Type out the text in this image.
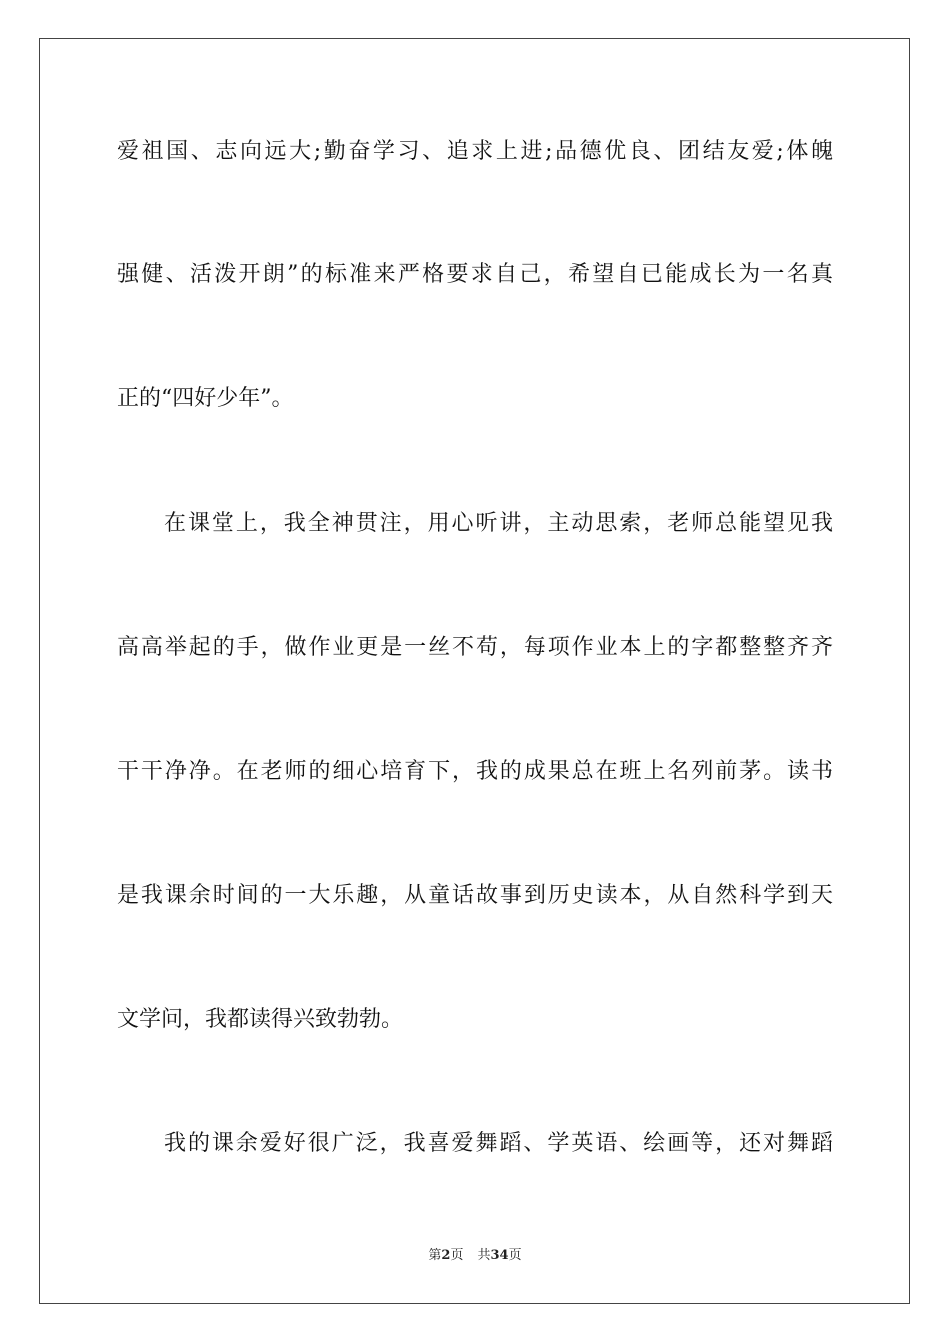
爱祖国、志向远大;勤奋学习、追求上进;品德优良、团结友爱;体魄
强健、活泼开朗”的标准来严格要求自己，希望自已能成长为一名真
正的“四好少年”。
在课堂上，我全神贯注，用心听讲，主动思索，老师总能望见我
高高举起的手，做作业更是一丝不苟，每项作业本上的字都整整齐齐
干干净净。在老师的细心培育下，我的成果总在班上名列前茅。读书
是我课余时间的一大乐趣，从童话故事到历史读本，从自然科学到天
文学问，我都读得兴致勃勃。
我的课余爱好很广泛，我喜爱舞蹈、学英语、绘画等，还对舞蹈
第2页 共34页
